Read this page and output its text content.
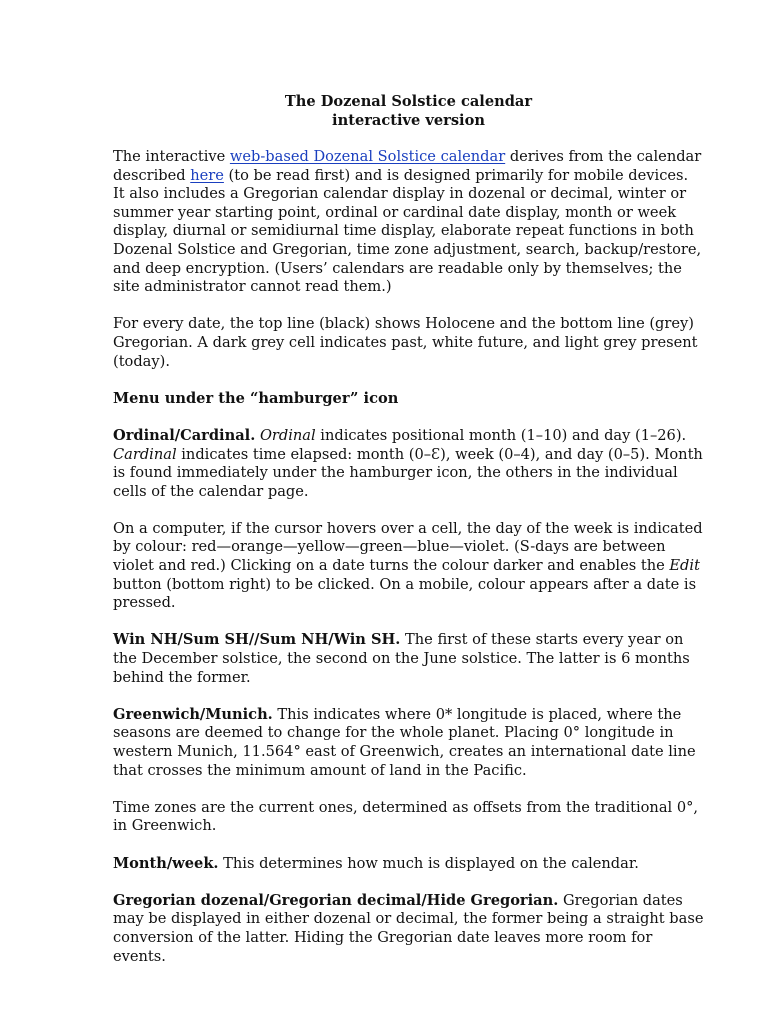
The Dozenal Solstice calendar
interactive version

The interactive web-based Dozenal Solstice calendar derives from the calendar described here (to be read first) and is designed primarily for mobile devices. It also includes a Gregorian calendar display in dozenal or decimal, winter or summer year starting point, ordinal or cardinal date display, month or week display, diurnal or semidiurnal time display, elaborate repeat functions in both Dozenal Solstice and Gregorian, time zone adjustment, search, backup/restore, and deep encryption. (Users’ calendars are readable only by themselves; the site administrator cannot read them.)

For every date, the top line (black) shows Holocene and the bottom line (grey) Gregorian. A dark grey cell indicates past, white future, and light grey present (today).

Menu under the “hamburger” icon

Ordinal/Cardinal. Ordinal indicates positional month (1–10) and day (1–26). Cardinal indicates time elapsed: month (0–Ɛ), week (0–4), and day (0–5). Month is found immediately under the hamburger icon, the others in the individual cells of the calendar page.

On a computer, if the cursor hovers over a cell, the day of the week is indicated by colour: red—orange—yellow—green—blue—violet. (S-days are between violet and red.) Clicking on a date turns the colour darker and enables the Edit button (bottom right) to be clicked. On a mobile, colour appears after a date is pressed.

Win NH/Sum SH//Sum NH/Win SH. The first of these starts every year on the December solstice, the second on the June solstice. The latter is 6 months behind the former.

Greenwich/Munich. This indicates where 0* longitude is placed, where the seasons are deemed to change for the whole planet. Placing 0° longitude in western Munich, 11.564° east of Greenwich, creates an international date line that crosses the minimum amount of land in the Pacific.

Time zones are the current ones, determined as offsets from the traditional 0°, in Greenwich.

Month/week. This determines how much is displayed on the calendar.

Gregorian dozenal/Gregorian decimal/Hide Gregorian. Gregorian dates may be displayed in either dozenal or decimal, the former being a straight base conversion of the latter. Hiding the Gregorian date leaves more room for events.
